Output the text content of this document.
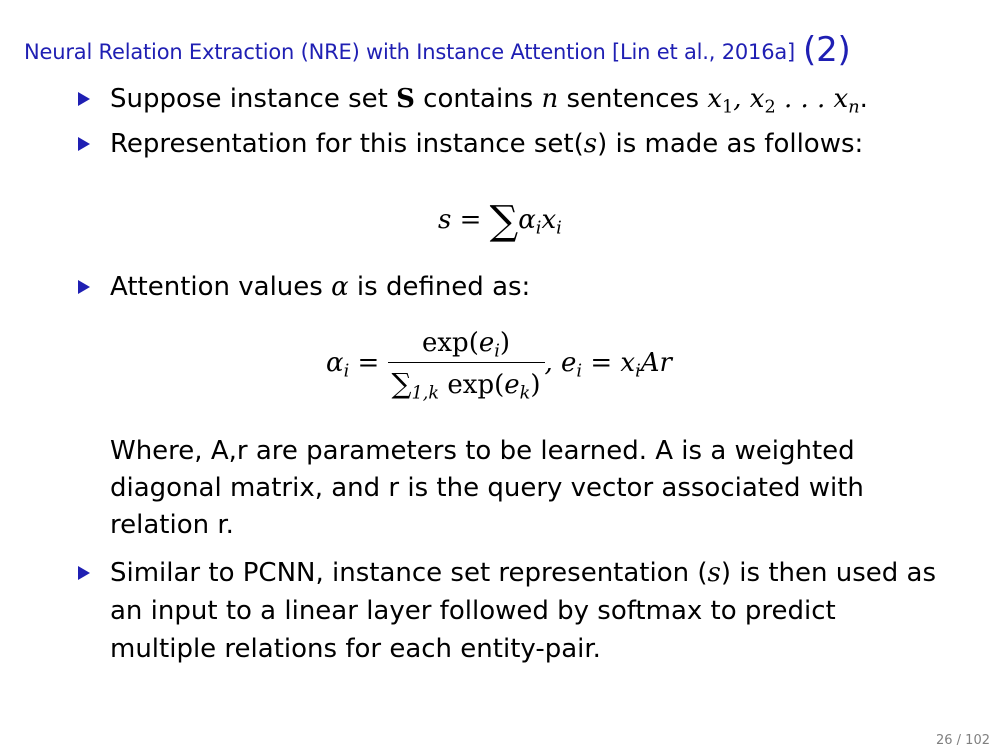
Neural Relation Extraction (NRE) with Instance Attention [Lin et al., 2016a] (2)
Suppose instance set S contains n sentences $x_1$, $x_2$ . . . $x_n$.
Representation for this instance set(s) is made as follows:
$s = \sum\alpha_ix_i$
Attention values α is defined as:
$\alpha_i = \frac{\exp(e_i)}{\sum_{1,k} \exp(e_k)}$ , $e_i = x_iAr$
Where, A,r are parameters to be learned. A is a weighted diagonal matrix, and r is the query vector associated with relation r.
Similar to PCNN, instance set representation (s) is then used as an input to a linear layer followed by softmax to predict multiple relations for each entity-pair.
26 / 102
